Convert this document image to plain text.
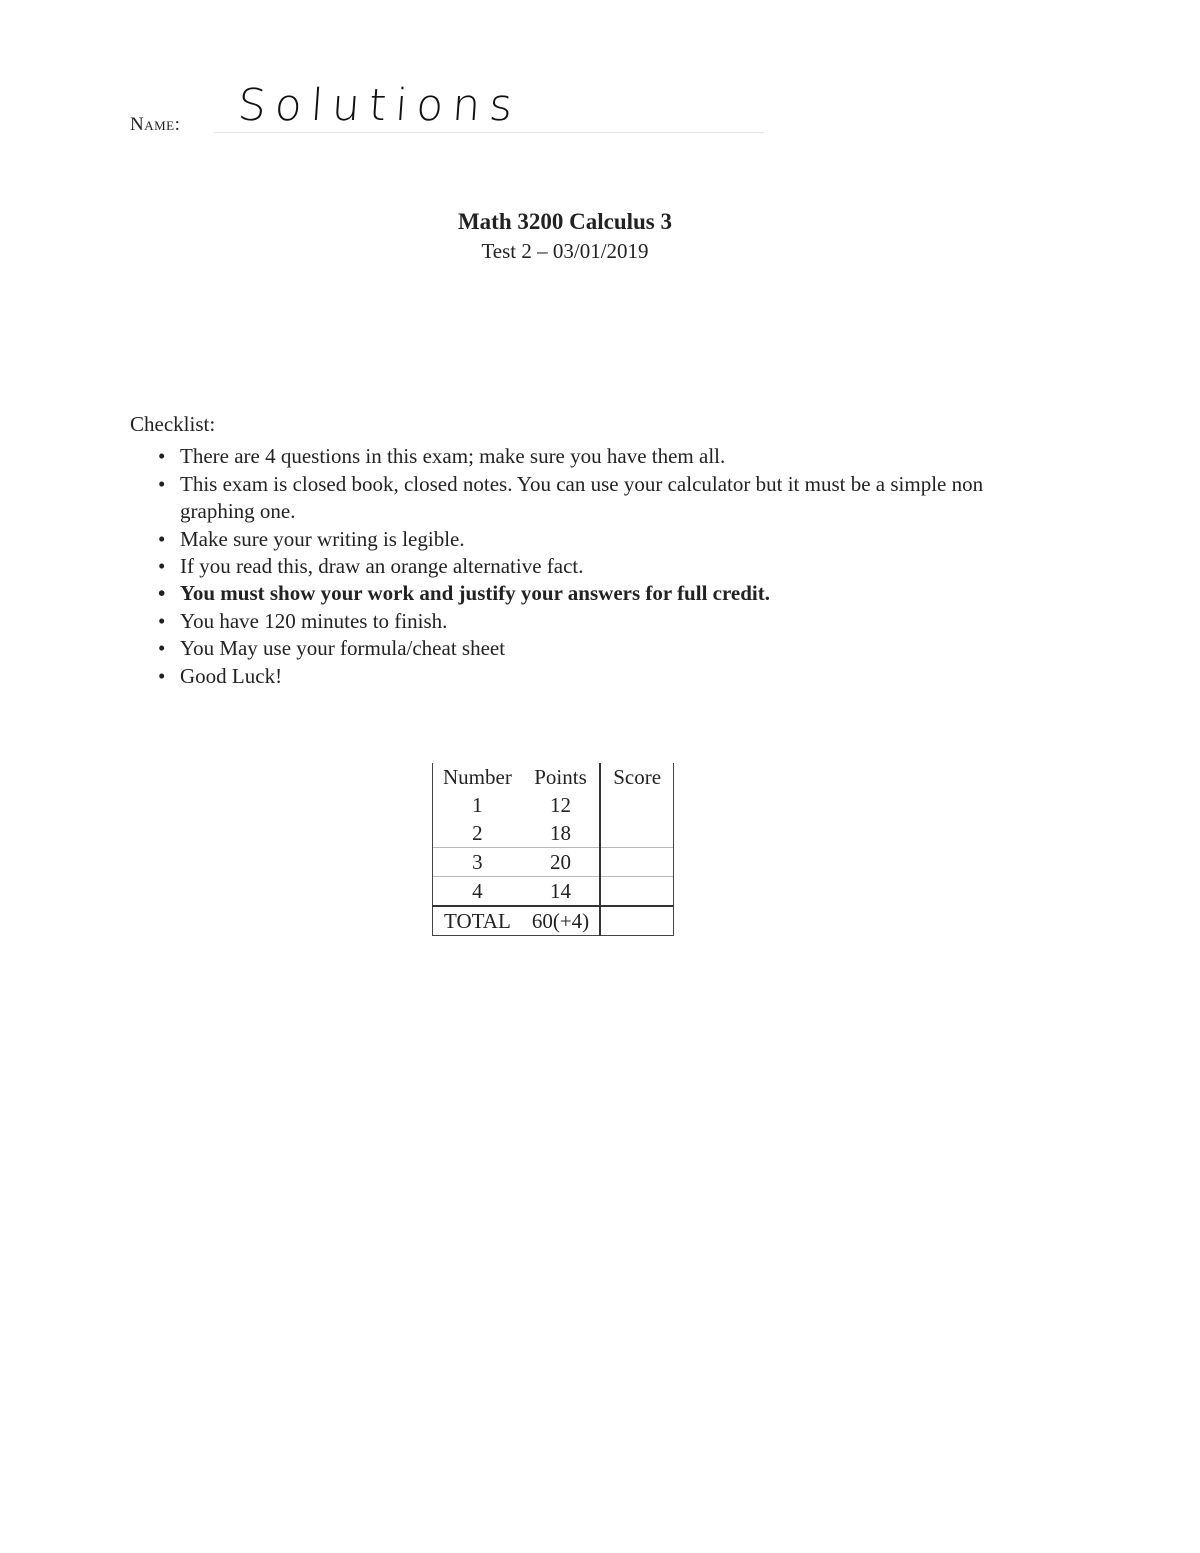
Name: Solutions
Math 3200 Calculus 3
Test 2 – 03/01/2019
Checklist:
• There are 4 questions in this exam; make sure you have them all.
• This exam is closed book, closed notes. You can use your calculator but it must be a simple non graphing one.
• Make sure your writing is legible.
• If you read this, draw an orange alternative fact.
• You must show your work and justify your answers for full credit.
• You have 120 minutes to finish.
• You May use your formula/cheat sheet
• Good Luck!
Number	Points	Score
1	12	
2	18	
3	20	
4	14	
TOTAL	60(+4)	
